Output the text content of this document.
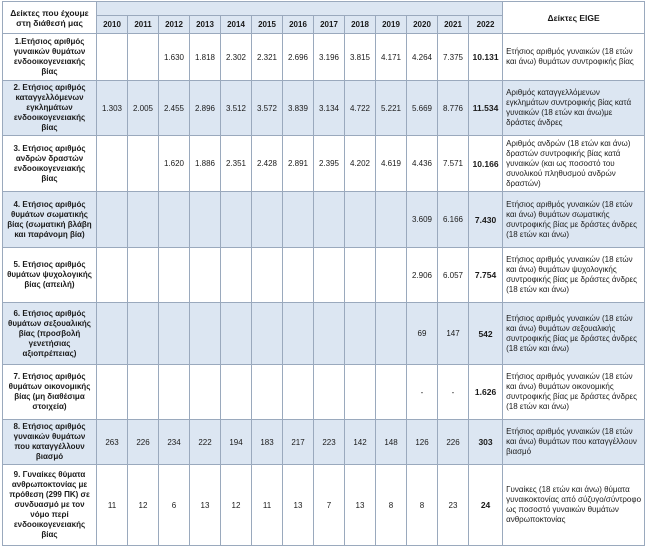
Δείκτες που έχουμε στη διάθεσή μας														Δείκτες EIGE
	2010	2011	2012	2013	2014	2015	2016	2017	2018	2019	2020	2021	2022	
1.Ετήσιος αριθμός γυναικών θυμάτων ενδοοικογενειακής βίας			1.630	1.818	2.302	2.321	2.696	3.196	3.815	4.171	4.264	7.375	10.131	Ετήσιος αριθμός γυναικών (18 ετών και άνω) θυμάτων συντροφικής βίας
2. Ετήσιος αριθμός καταγγελλόμενων εγκλημάτων ενδοοικογενειακής βίας	1.303	2.005	2.455	2.896	3.512	3.572	3.839	3.134	4.722	5.221	5.669	8.776	11.534	Αριθμός καταγγελλόμενων εγκλημάτων συντροφικής βίας κατά γυναικών (18 ετών και άνω)με δράστες άνδρες
3. Ετήσιος αριθμός ανδρών δραστών ενδοοικογενειακής βίας			1.620	1.886	2.351	2.428	2.891	2.395	4.202	4.619	4.436	7.571	10.166	Αριθμός ανδρών (18 ετών και άνω) δραστών συντροφικής βίας κατά γυναικών (και ως ποσοστό του συνολικού πληθυσμού ανδρών δραστών)
4. Ετήσιος αριθμός θυμάτων σωματικής βίας (σωματική βλάβη και παράνομη βία)											3.609	6.166	7.430	Ετήσιος αριθμός γυναικών (18 ετών και άνω) θυμάτων σωματικής συντροφικής βίας με δράστες άνδρες (18 ετών και άνω)
5. Ετήσιος αριθμός θυμάτων ψυχολογικής βίας (απειλή)											2.906	6.057	7.754	Ετήσιος αριθμός γυναικών (18 ετών και άνω) θυμάτων ψυχολογικής συντροφικής βίας με δράστες άνδρες (18 ετών και άνω)
6. Ετήσιος αριθμός θυμάτων σεξουαλικής βίας (προσβολή γενετήσιας αξιοπρέπειας)											69	147	542	Ετήσιος αριθμός γυναικών (18 ετών και άνω) θυμάτων σεξουαλικής συντροφικής βίας με δράστες άνδρες (18 ετών και άνω)
7. Ετήσιος αριθμός θυμάτων οικονομικής βίας (μη διαθέσιμα στοιχεία)											-	-	1.626	Ετήσιος αριθμός γυναικών (18 ετών και άνω) θυμάτων οικονομικής συντροφικής βίας με δράστες άνδρες (18 ετών και άνω)
8. Ετήσιος αριθμός γυναικών θυμάτων που καταγγέλλουν βιασμό	263	226	234	222	194	183	217	223	142	148	126	226	303	Ετήσιος αριθμός γυναικών (18 ετών και άνω) θυμάτων που καταγγέλλουν βιασμό
9. Γυναίκες θύματα ανθρωποκτονίας με πρόθεση (299 ΠΚ) σε συνδυασμό με τον νόμο περί ενδοοικογενειακής βίας	11	12	6	13	12	11	13	7	13	8	8	23	24	Γυναίκες (18 ετών και άνω) θύματα γυναικοκτονίας από σύζυγο/σύντροφο ως ποσοστό γυναικών θυμάτων ανθρωποκτονίας
